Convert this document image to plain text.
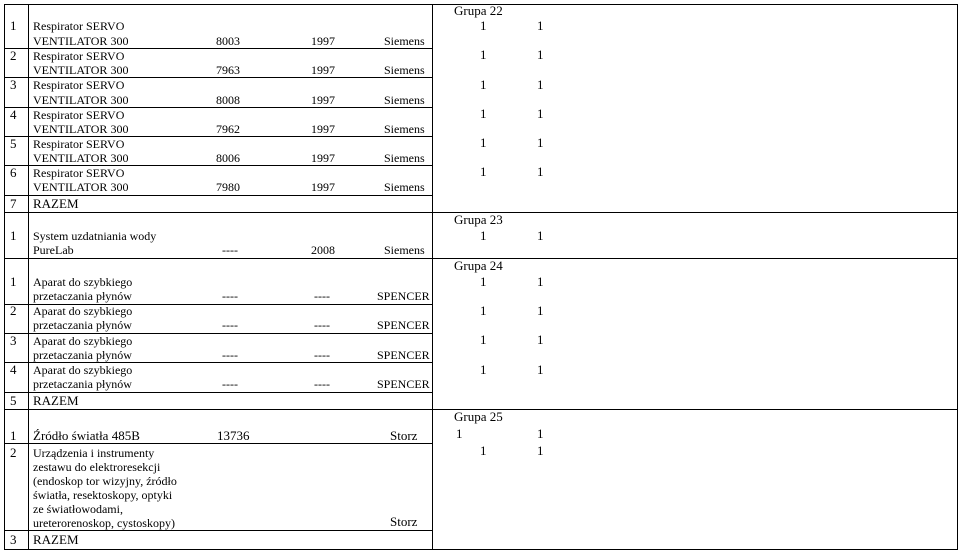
Grupa 22
1 Respirator SERVO
VENTILATOR 300	8003	1997	Siemens
1	1
2 Respirator SERVO
VENTILATOR 300	7963	1997	Siemens
1	1
3 Respirator SERVO
VENTILATOR 300	8008	1997	Siemens
1	1
4 Respirator SERVO
VENTILATOR 300	7962	1997	Siemens
1	1
5 Respirator SERVO
VENTILATOR 300	8006	1997	Siemens
1	1
6 Respirator SERVO
VENTILATOR 300	7980	1997	Siemens
1	1
7 RAZEM
Grupa 23
1 System uzdatniania wody
PureLab	----	2008	Siemens
1	1
Grupa 24
1 Aparat do szybkiego
przetaczania płynów	----	----	SPENCER
1	1
2 Aparat do szybkiego
przetaczania płynów	----	----	SPENCER
1	1
3 Aparat do szybkiego
przetaczania płynów	----	----	SPENCER
1	1
4 Aparat do szybkiego
przetaczania płynów	----	----	SPENCER
1	1
5 RAZEM
Grupa 25
1 Źródło światła 485B	13736	Storz	1	1
2 Urządzenia i instrumenty zestawu do elektroresekcji (endoskop tor wizyjny, źródło światła, resektoskopy, optyki ze światłowodami, ureterorenoskop, cystoskopy)	Storz
1	1
3 RAZEM
